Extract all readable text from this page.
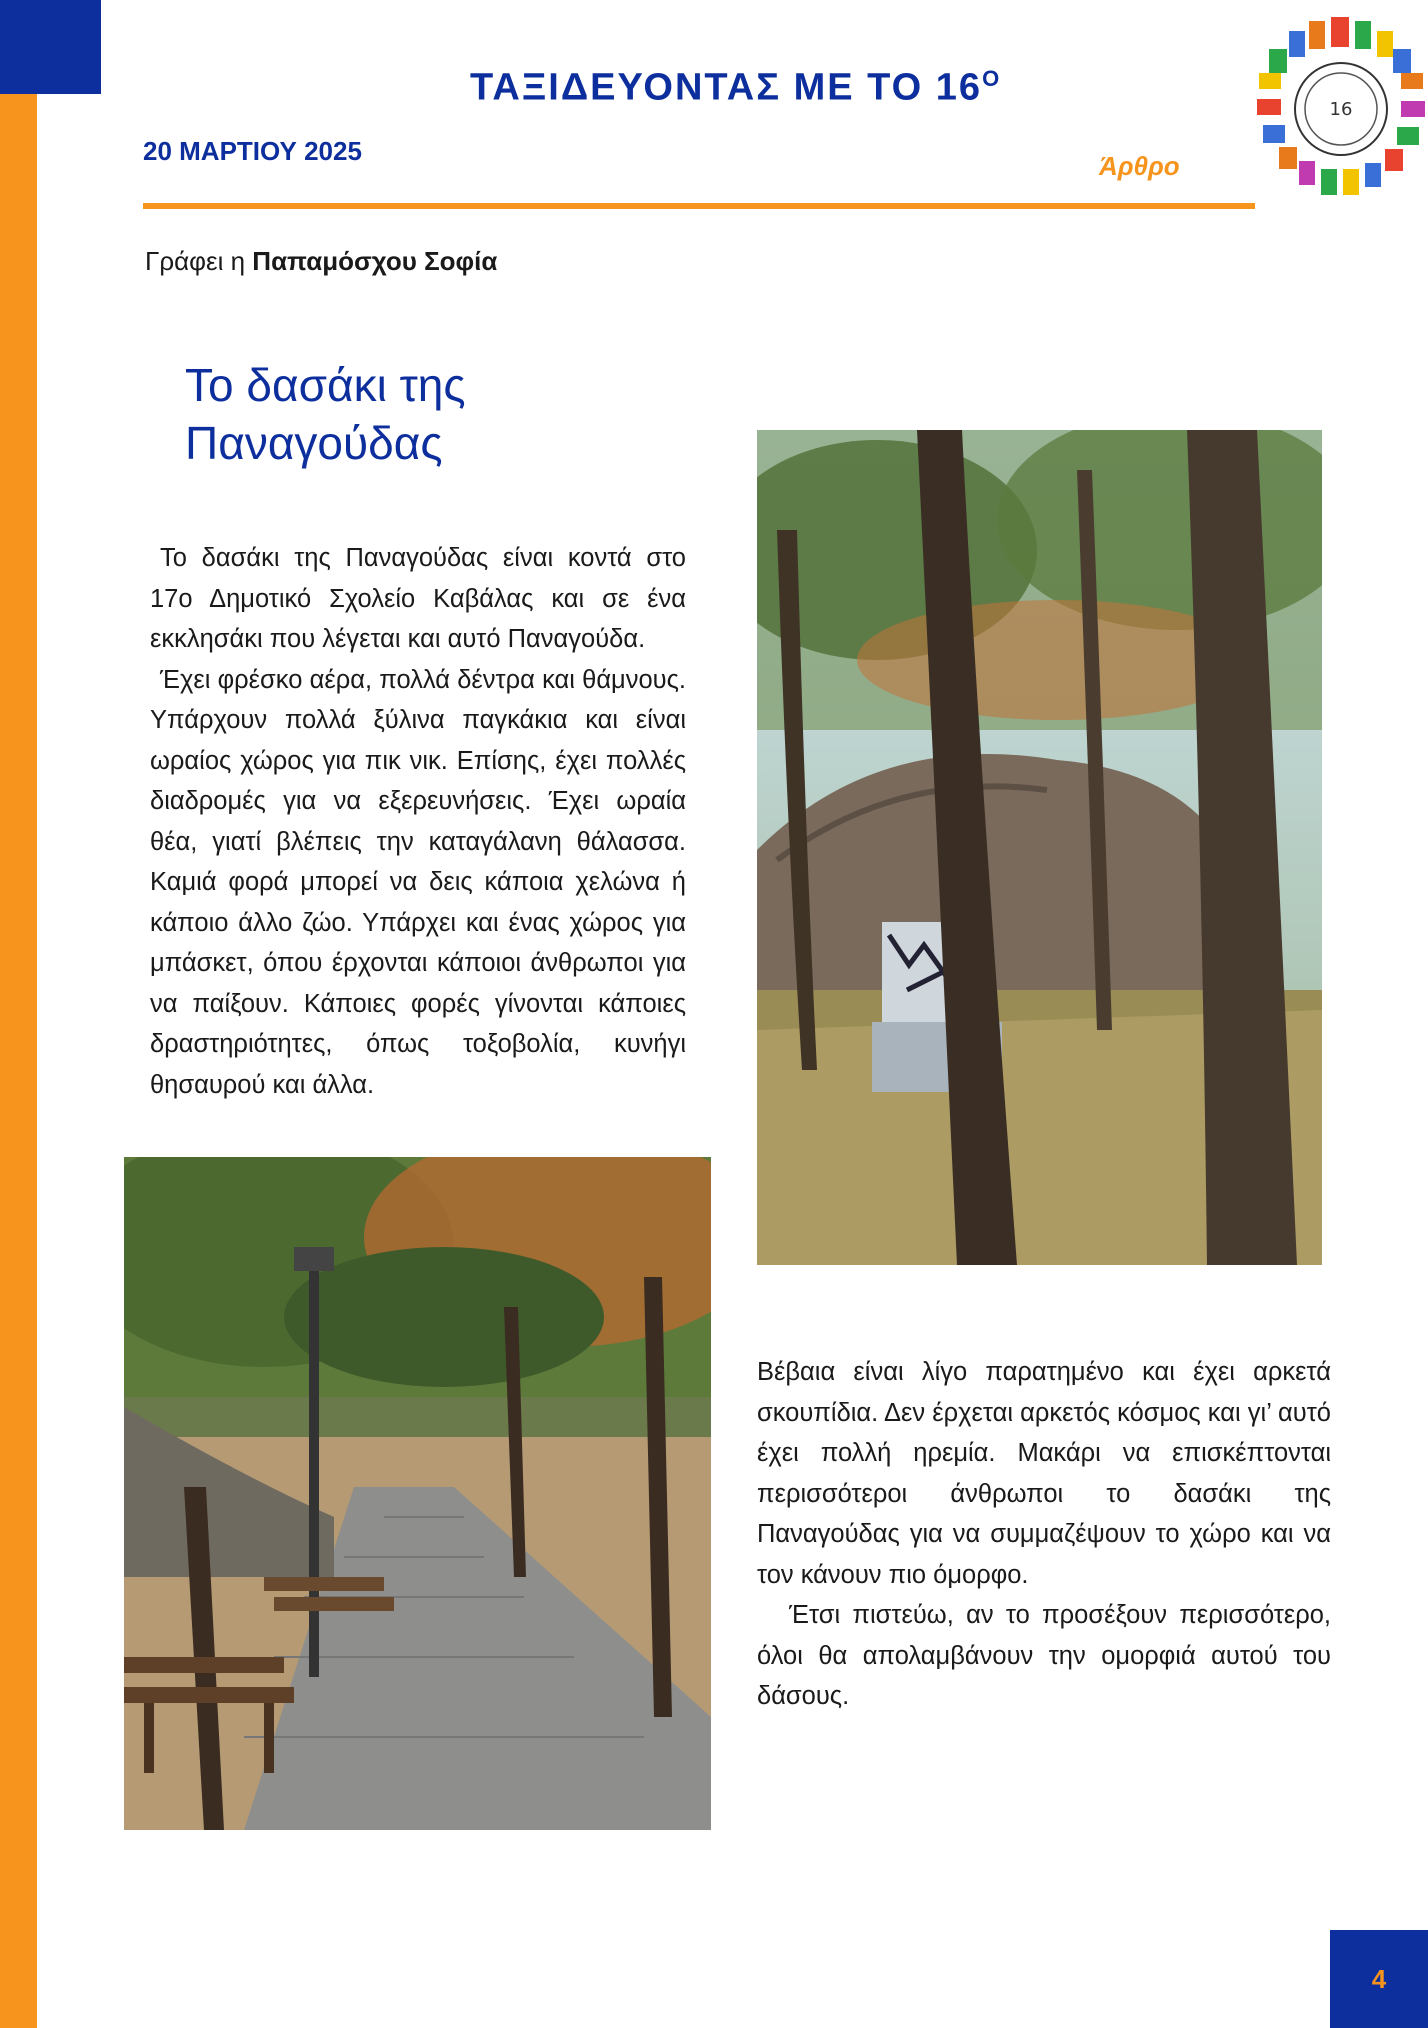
ΤΑΞΙΔΕΥΟΝΤΑΣ ΜΕ ΤΟ $16^O$
20 ΜΑΡΤΙΟΥ 2025	Άρθρο
16
Γράφει η Παπαμόσχου Σοφία
Το δασάκι της
Παναγούδας

Το δασάκι της Παναγούδας είναι κοντά στο 17ο Δημοτικό Σχολείο Καβάλας και σε ένα εκκλησάκι που λέγεται και αυτό Παναγούδα.

Έχει φρέσκο αέρα, πολλά δέντρα και θάμνους. Υπάρχουν πολλά ξύλινα παγκάκια και είναι ωραίος χώρος για πικ νικ. Επίσης, έχει πολλές διαδρομές για να εξερευνήσεις. Έχει ωραία θέα, γιατί βλέπεις την καταγάλανη θάλασσα. Καμιά φορά μπορεί να δεις κάποια χελώνα ή κάποιο άλλο ζώο. Υπάρχει και ένας χώρος για μπάσκετ, όπου έρχονται κάποιοι άνθρωποι για να παίξουν. Κάποιες φορές γίνονται κάποιες δραστηριότητες, όπως τοξοβολία, κυνήγι θησαυρού και άλλα.

Βέβαια είναι λίγο παρατημένο και έχει αρκετά σκουπίδια. Δεν έρχεται αρκετός κόσμος και γι’ αυτό έχει πολλή ηρεμία. Μακάρι να επισκέπτονται περισσότεροι άνθρωποι το δασάκι της Παναγούδας για να συμμαζέψουν το χώρο και να τον κάνουν πιο όμορφο.

Έτσι πιστεύω, αν το προσέξουν περισσότερο, όλοι θα απολαμβάνουν την ομορφιά αυτού του δάσους.

4
